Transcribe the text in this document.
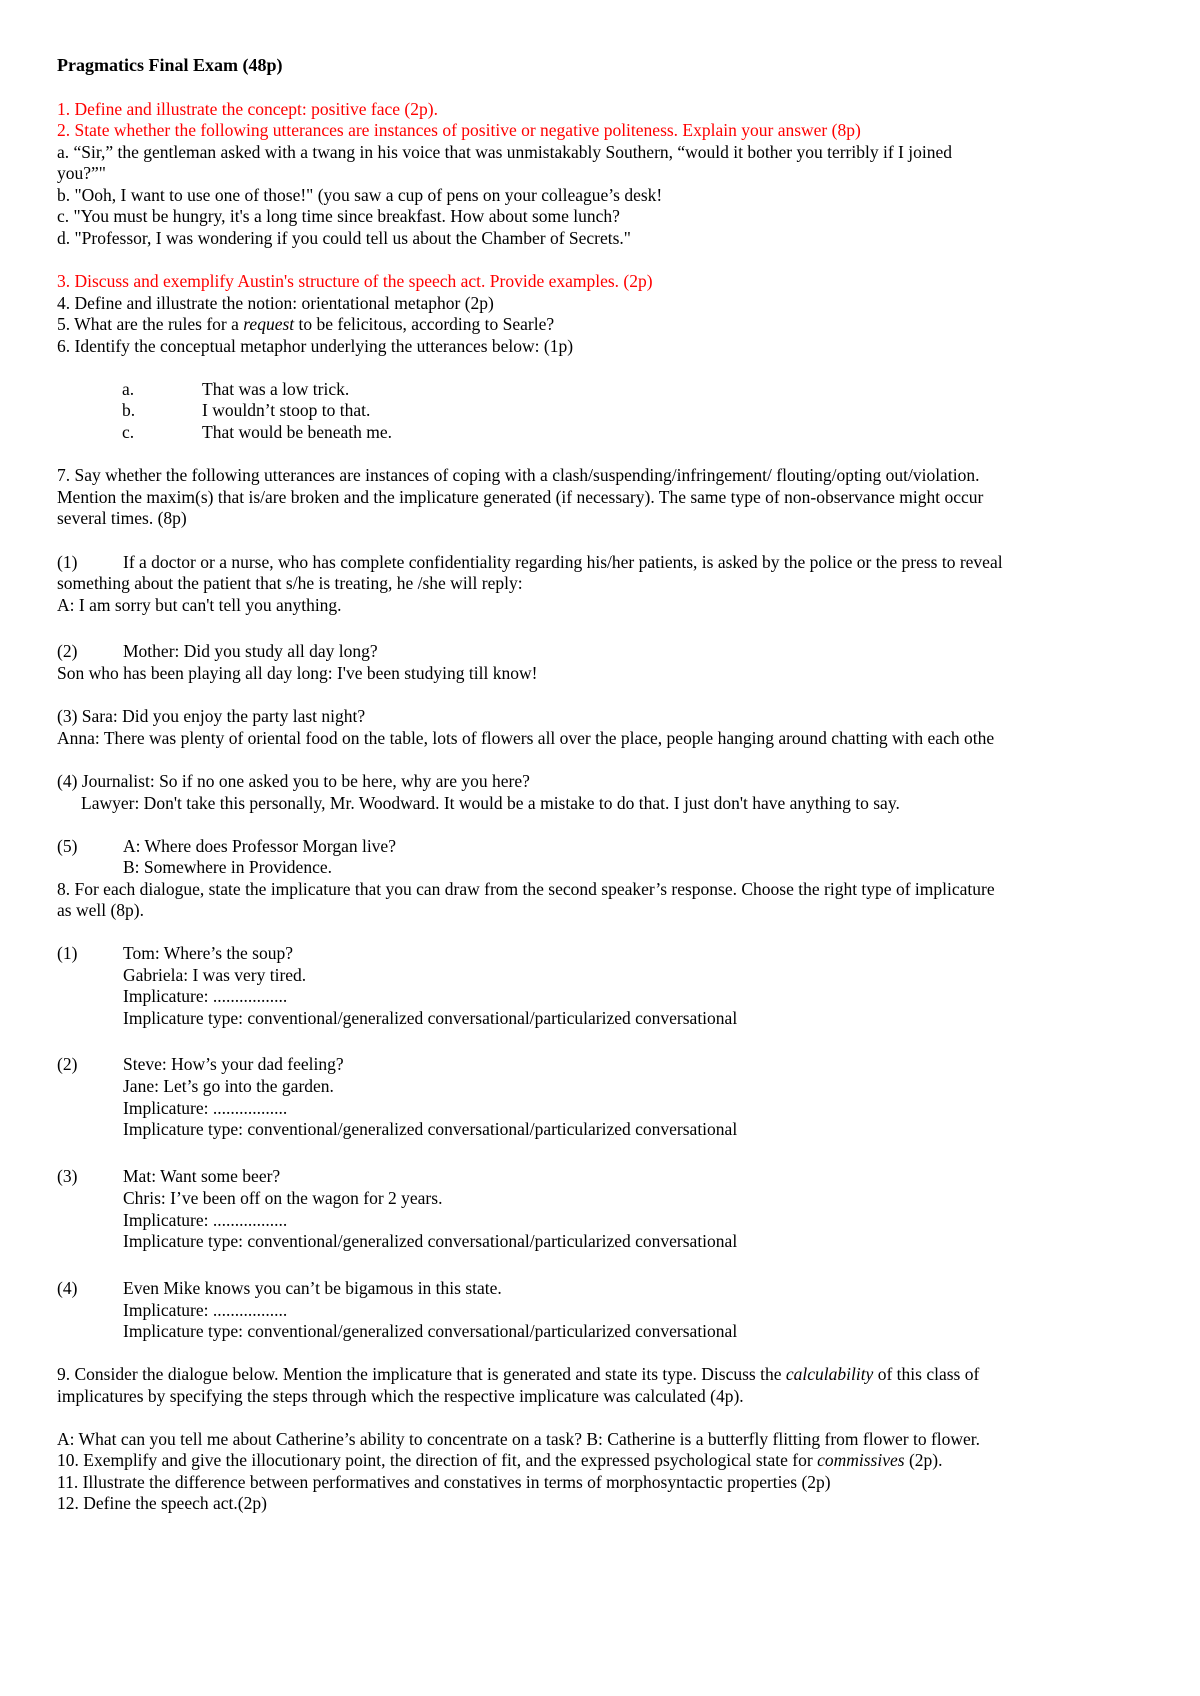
Pragmatics Final Exam (48p)
1. Define and illustrate the concept: positive face (2p).
2. State whether the following utterances are instances of positive or negative politeness. Explain your answer (8p)
a. “Sir,” the gentleman asked with a twang in his voice that was unmistakably Southern, “would it bother you terribly if I joined
you?”"
b. "Ooh, I want to use one of those!" (you saw a cup of pens on your colleague’s desk!
c. "You must be hungry, it's a long time since breakfast. How about some lunch?
d. "Professor, I was wondering if you could tell us about the Chamber of Secrets."
3. Discuss and exemplify Austin's structure of the speech act. Provide examples. (2p)
4. Define and illustrate the notion: orientational metaphor (2p)
5. What are the rules for a request to be felicitous, according to Searle?
6. Identify the conceptual metaphor underlying the utterances below: (1p)
a.	That was a low trick.

b.	I wouldn’t stoop to that.

c.	That would be beneath me.

7. Say whether the following utterances are instances of coping with a clash/suspending/infringement/ flouting/opting out/violation.
Mention the maxim(s) that is/are broken and the implicature generated (if necessary). The same type of non-observance might occur
several times. (8p)
(1)	If a doctor or a nurse, who has complete confidentiality regarding his/her patients, is asked by the police or the press to reveal

something about the patient that s/he is treating, he /she will reply:
A: I am sorry but can't tell you anything.
(2)	Mother: Did you study all day long?

Son who has been playing all day long: I've been studying till know!
(3) Sara: Did you enjoy the party last night?
Anna: There was plenty of oriental food on the table, lots of flowers all over the place, people hanging around chatting with each othe
(4) Journalist: So if no one asked you to be here, why are you here?
Lawyer: Don't take this personally, Mr. Woodward. It would be a mistake to do that. I just don't have anything to say.
(5)	A: Where does Professor Morgan live?

B: Somewhere in Providence.
8. For each dialogue, state the implicature that you can draw from the second speaker’s response. Choose the right type of implicature
as well (8p).
(1)	Tom: Where’s the soup?

Gabriela: I was very tired.
Implicature: .................
Implicature type: conventional/generalized conversational/particularized conversational
(2)	Steve: How’s your dad feeling?

Jane: Let’s go into the garden.
Implicature: .................
Implicature type: conventional/generalized conversational/particularized conversational
(3)	Mat: Want some beer?

Chris: I’ve been off on the wagon for 2 years.
Implicature: .................
Implicature type: conventional/generalized conversational/particularized conversational
(4)	Even Mike knows you can’t be bigamous in this state.

Implicature: .................
Implicature type: conventional/generalized conversational/particularized conversational
9. Consider the dialogue below. Mention the implicature that is generated and state its type. Discuss the calculability of this class of
implicatures by specifying the steps through which the respective implicature was calculated (4p).
A: What can you tell me about Catherine’s ability to concentrate on a task? B: Catherine is a butterfly flitting from flower to flower.
10. Exemplify and give the illocutionary point, the direction of fit, and the expressed psychological state for commissives (2p).
11. Illustrate the difference between performatives and constatives in terms of morphosyntactic properties (2p)
12. Define the speech act.(2p)
